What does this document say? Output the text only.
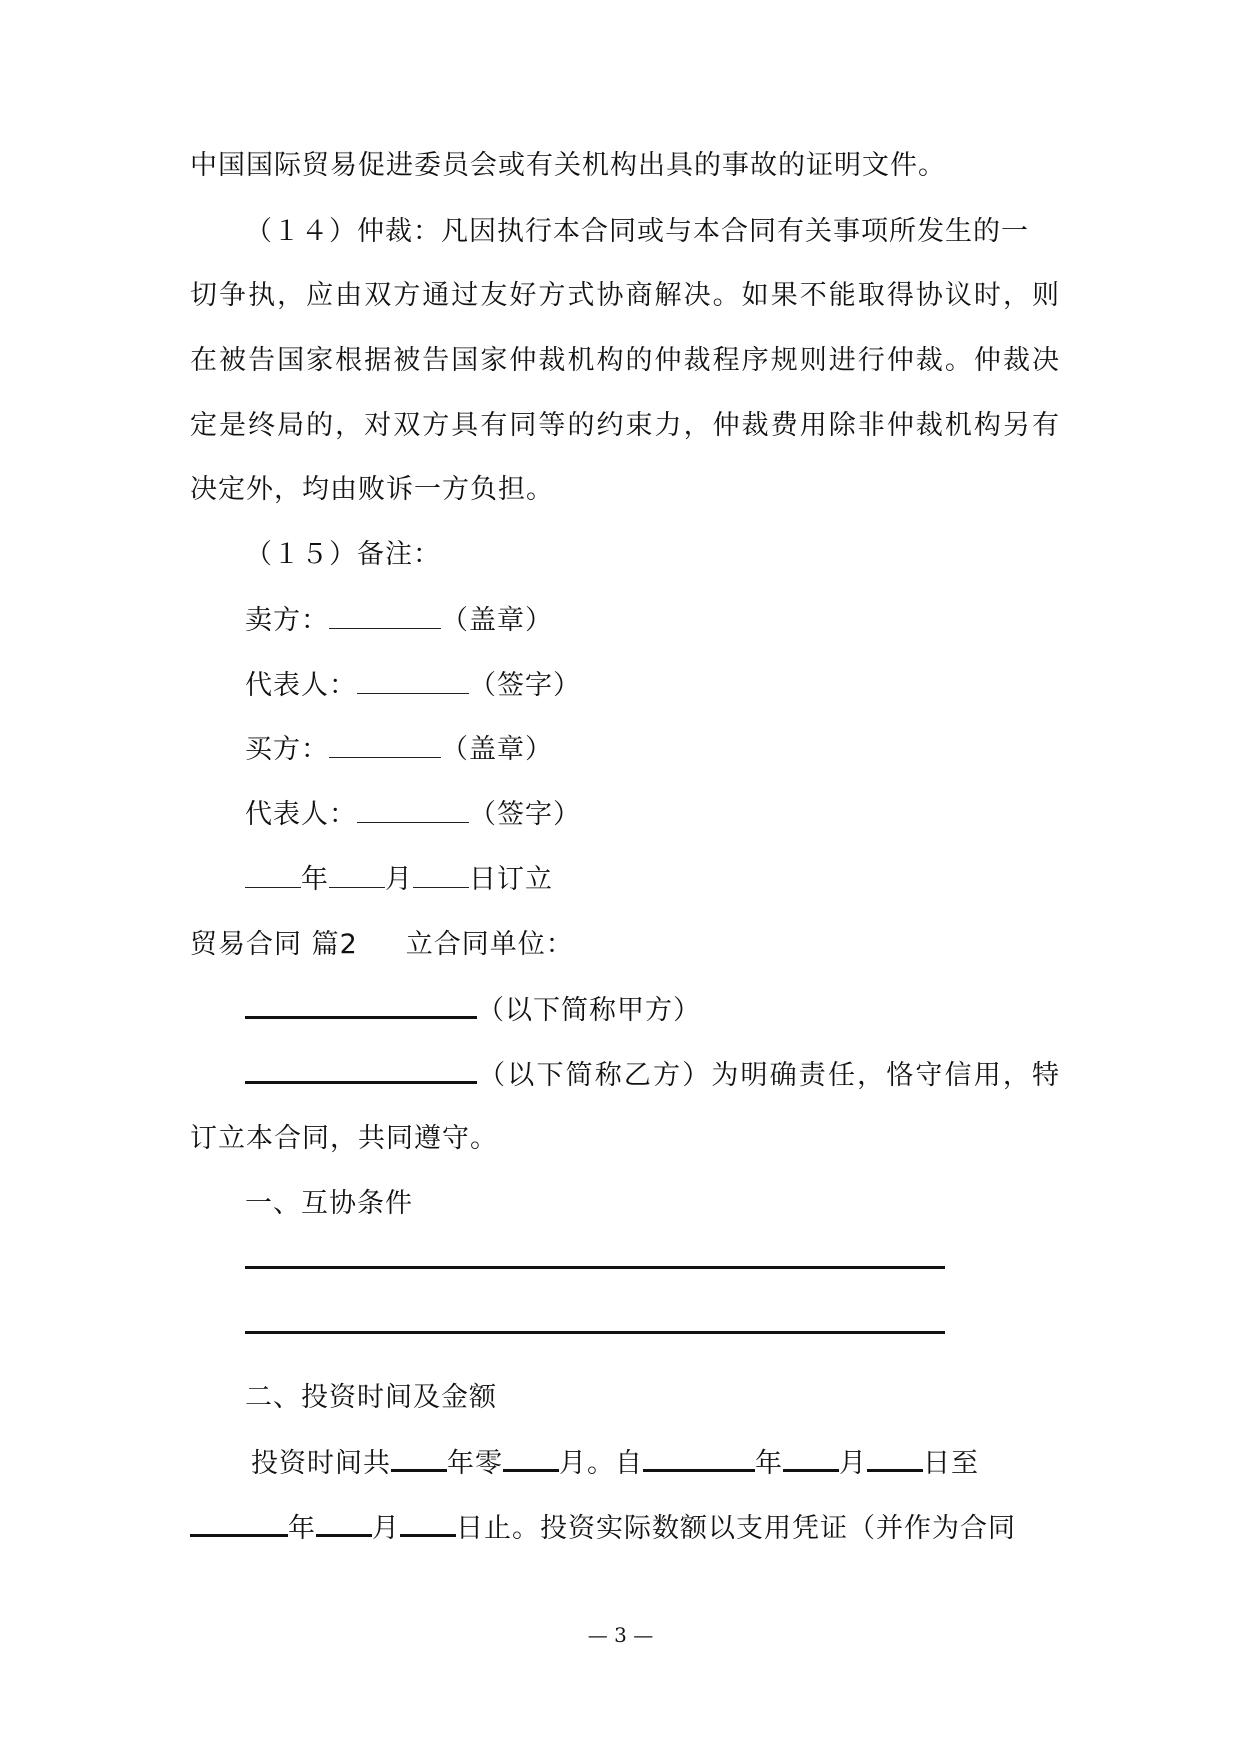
中国国际贸易促进委员会或有关机构出具的事故的证明文件。
（１４）仲裁：凡因执行本合同或与本合同有关事项所发生的一
切争执，应由双方通过友好方式协商解决。如果不能取得协议时，则
在被告国家根据被告国家仲裁机构的仲裁程序规则进行仲裁。仲裁决
定是终局的，对双方具有同等的约束力，仲裁费用除非仲裁机构另有
决定外，均由败诉一方负担。
（１５）备注：
卖方：	（盖章）
代表人：	（签字）
买方：	（盖章）
代表人：	（签字）
年 月 日订立
贸易合同 篇2 立合同单位：
（以下简称甲方）
（以下简称乙方）为明确责任，恪守信用，特
订立本合同，共同遵守。
一、互协条件
二、投资时间及金额
投资时间共 年零 月。自	年 月 日至
年 月 日止。投资实际数额以支用凭证（并作为合同
— 3 —
